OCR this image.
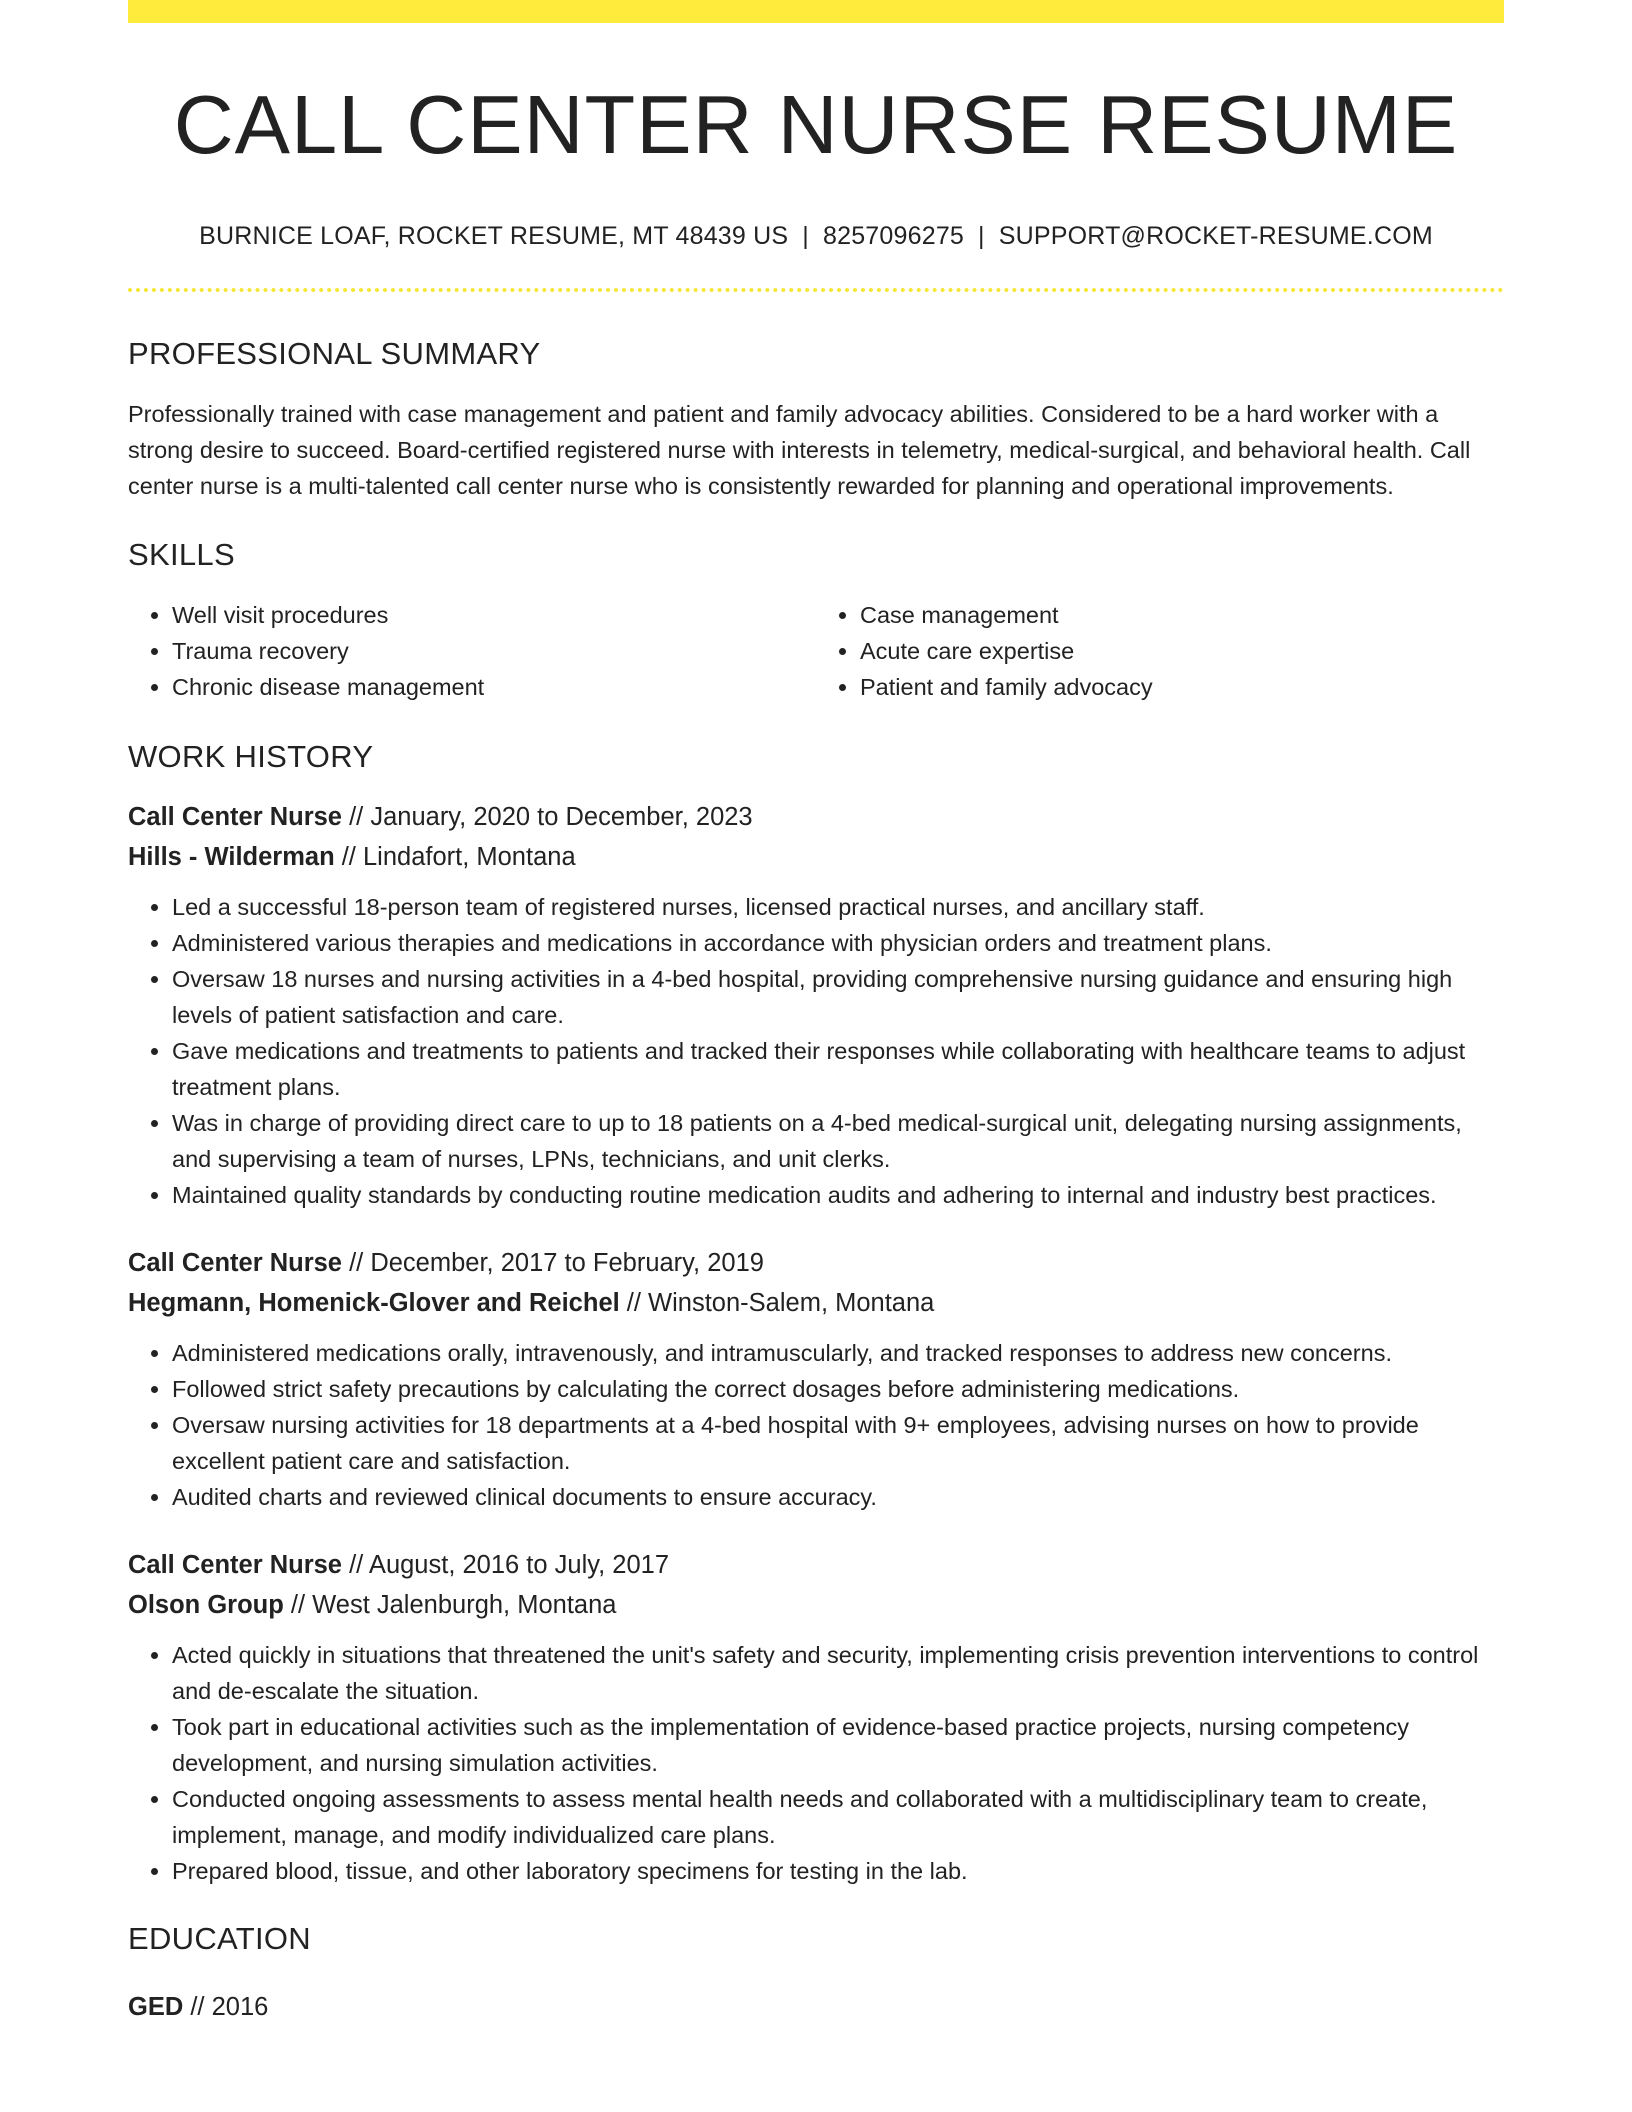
CALL CENTER NURSE RESUME
BURNICE LOAF, ROCKET RESUME, MT 48439 US | 8257096275 | SUPPORT@ROCKET-RESUME.COM
PROFESSIONAL SUMMARY
Professionally trained with case management and patient and family advocacy abilities. Considered to be a hard worker with a strong desire to succeed. Board-certified registered nurse with interests in telemetry, medical-surgical, and behavioral health. Call center nurse is a multi-talented call center nurse who is consistently rewarded for planning and operational improvements.
SKILLS
• Well visit procedures
• Trauma recovery
• Chronic disease management
• Case management
• Acute care expertise
• Patient and family advocacy
WORK HISTORY
Call Center Nurse // January, 2020 to December, 2023
Hills - Wilderman // Lindafort, Montana
• Led a successful 18-person team of registered nurses, licensed practical nurses, and ancillary staff.
• Administered various therapies and medications in accordance with physician orders and treatment plans.
• Oversaw 18 nurses and nursing activities in a 4-bed hospital, providing comprehensive nursing guidance and ensuring high levels of patient satisfaction and care.
• Gave medications and treatments to patients and tracked their responses while collaborating with healthcare teams to adjust treatment plans.
• Was in charge of providing direct care to up to 18 patients on a 4-bed medical-surgical unit, delegating nursing assignments, and supervising a team of nurses, LPNs, technicians, and unit clerks.
• Maintained quality standards by conducting routine medication audits and adhering to internal and industry best practices.
Call Center Nurse // December, 2017 to February, 2019
Hegmann, Homenick-Glover and Reichel // Winston-Salem, Montana
• Administered medications orally, intravenously, and intramuscularly, and tracked responses to address new concerns.
• Followed strict safety precautions by calculating the correct dosages before administering medications.
• Oversaw nursing activities for 18 departments at a 4-bed hospital with 9+ employees, advising nurses on how to provide excellent patient care and satisfaction.
• Audited charts and reviewed clinical documents to ensure accuracy.
Call Center Nurse // August, 2016 to July, 2017
Olson Group // West Jalenburgh, Montana
• Acted quickly in situations that threatened the unit's safety and security, implementing crisis prevention interventions to control and de-escalate the situation.
• Took part in educational activities such as the implementation of evidence-based practice projects, nursing competency development, and nursing simulation activities.
• Conducted ongoing assessments to assess mental health needs and collaborated with a multidisciplinary team to create, implement, manage, and modify individualized care plans.
• Prepared blood, tissue, and other laboratory specimens for testing in the lab.
EDUCATION
GED // 2016
